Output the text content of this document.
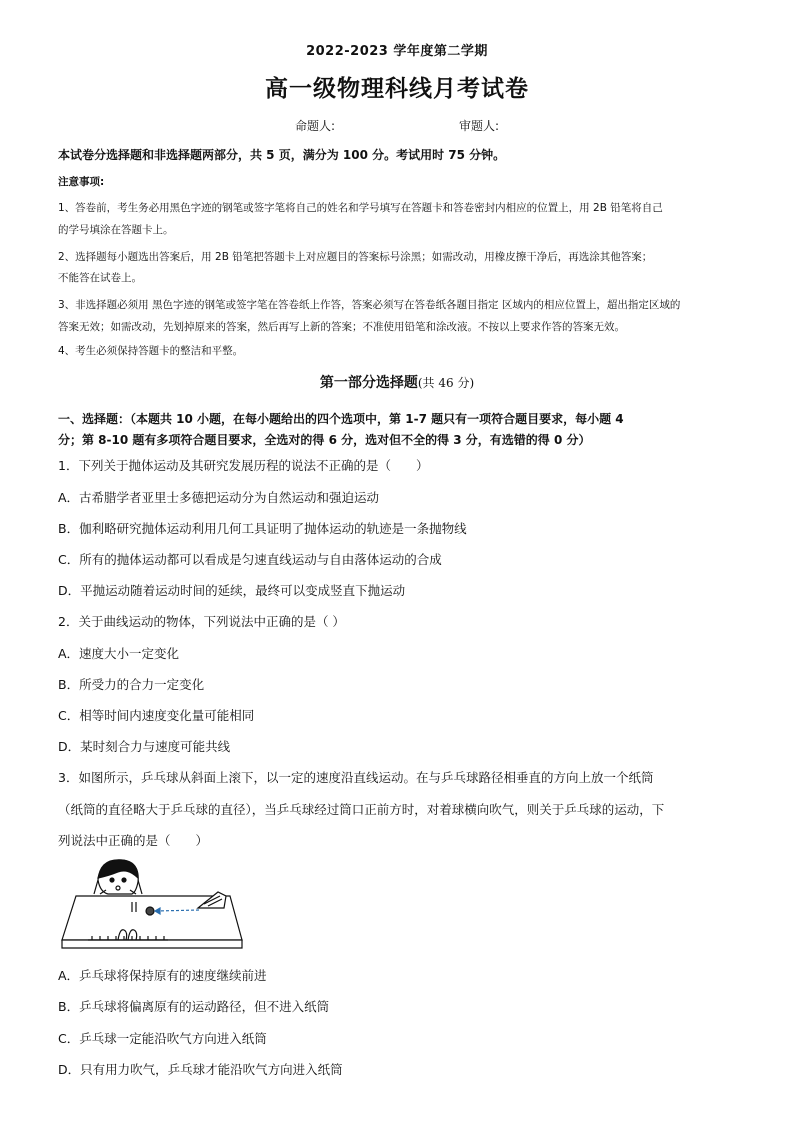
2022-2023 学年度第二学期
高一级物理科线月考试卷
命题人:	审题人:
本试卷分选择题和非选择题两部分，共 5 页，满分为 100 分。考试用时 75 分钟。
注意事项:
1、答卷前，考生务必用黑色字迹的钢笔或签字笔将自己的姓名和学号填写在答题卡和答卷密封内相应的位置上，用 2B 铅笔将自己
的学号填涂在答题卡上。
2、选择题每小题选出答案后，用 2B 铅笔把答题卡上对应题目的答案标号涂黑；如需改动，用橡皮擦干净后，再选涂其他答案；
不能答在试卷上。
3、非选择题必须用 黑色字迹的钢笔或签字笔在答卷纸上作答，答案必须写在答卷纸各题目指定 区域内的相应位置上，超出指定区域的
答案无效；如需改动，先划掉原来的答案，然后再写上新的答案；不准使用铅笔和涂改液。不按以上要求作答的答案无效。
4、考生必须保持答题卡的整洁和平整。
第一部分选择题(共 46 分)
一、选择题：（本题共 10 小题，在每小题给出的四个选项中，第 1-7 题只有一项符合题目要求，每小题 4
分；第 8-10 题有多项符合题目要求，全选对的得 6 分，选对但不全的得 3 分，有选错的得 0 分）
1．下列关于抛体运动及其研究发展历程的说法不正确的是（　　）
A．古希腊学者亚里士多德把运动分为自然运动和强迫运动
B．伽利略研究抛体运动利用几何工具证明了抛体运动的轨迹是一条抛物线
C．所有的抛体运动都可以看成是匀速直线运动与自由落体运动的合成
D．平抛运动随着运动时间的延续，最终可以变成竖直下抛运动
2．关于曲线运动的物体，下列说法中正确的是（ ）
A．速度大小一定变化
B．所受力的合力一定变化
C．相等时间内速度变化量可能相同
D．某时刻合力与速度可能共线
3．如图所示，乒乓球从斜面上滚下，以一定的速度沿直线运动。在与乒乓球路径相垂直的方向上放一个纸筒
（纸筒的直径略大于乒乓球的直径），当乒乓球经过筒口正前方时，对着球横向吹气，则关于乒乓球的运动，下
列说法中正确的是（　　）
A．乒乓球将保持原有的速度继续前进
B．乒乓球将偏离原有的运动路径，但不进入纸筒
C．乒乓球一定能沿吹气方向进入纸筒
D．只有用力吹气，乒乓球才能沿吹气方向进入纸筒
